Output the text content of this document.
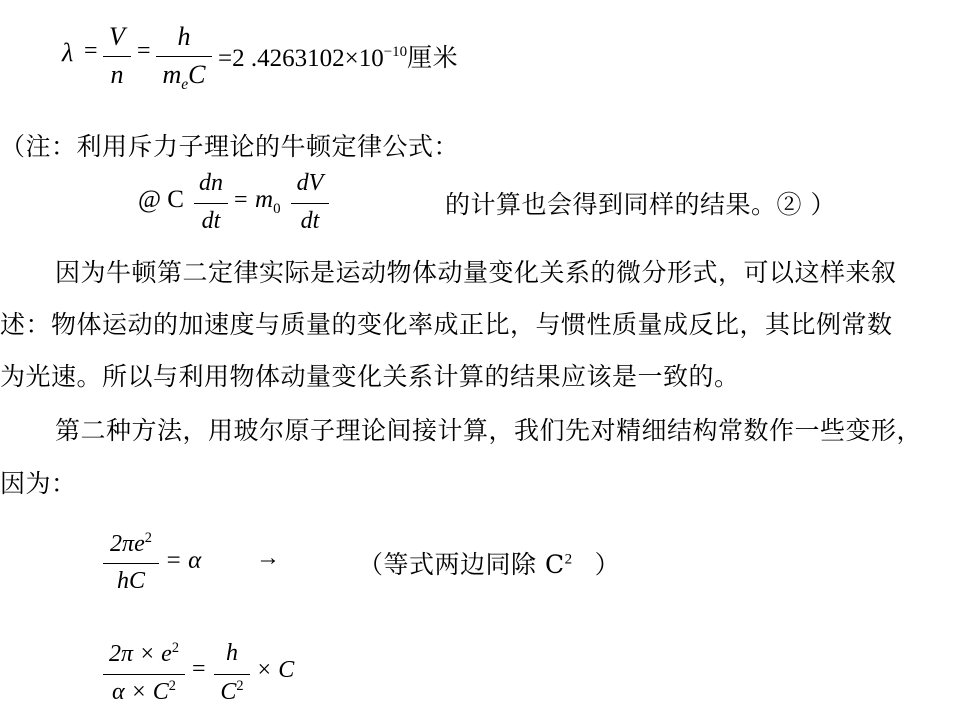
λ = V
n
=	h
$m_eC$
=2 $.4263102\times 10^{-10}$厘米
（注：利用斥力子理论的牛顿定律公式：
@ C
dn
dt
= $m_0$
dV
dt
的计算也会得到同样的结果。② ）
因为牛顿第二定律实际是运动物体动量变化关系的微分形式，可以这样来叙
述：物体运动的加速度与质量的变化率成正比，与惯性质量成反比，其比例常数
为光速。所以与利用物体动量变化关系计算的结果应该是一致的。
第二种方法，用玻尔原子理论间接计算，我们先对精细结构常数作一些变形，
因为：
$2\pi e^2$
hC
= α →	（等式两边同除 $C^2$ ）
$2\pi \times e^2$
$\alpha \times C^2$
=
h
$C^2$
× C
